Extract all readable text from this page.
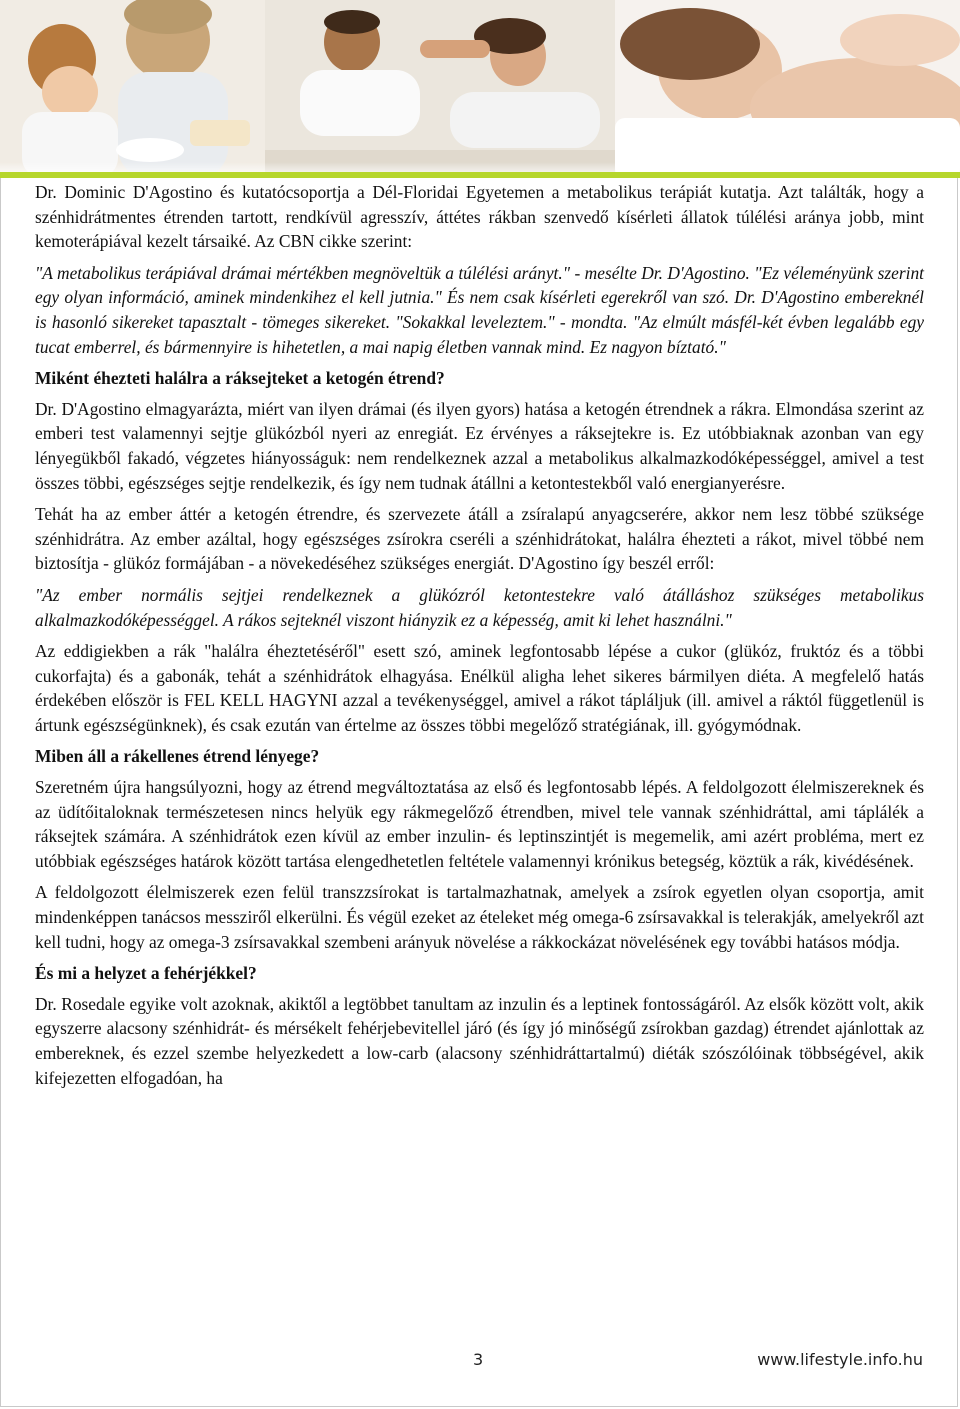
Dr. Dominic D'Agostino és kutatócsoportja a Dél-Floridai Egyetemen a metabolikus terápiát kutatja. Azt találták, hogy a szénhidrátmentes étrenden tartott, rendkívül agresszív, áttétes rákban szenvedő kísérleti állatok túlélési aránya jobb, mint kemoterápiával kezelt társaiké. Az CBN cikke szerint:

"A metabolikus terápiával drámai mértékben megnöveltük a túlélési arányt." - mesélte Dr. D'Agostino. "Ez véleményünk szerint egy olyan információ, aminek mindenkihez el kell jutnia." És nem csak kísérleti egerekről van szó. Dr. D'Agostino embereknél is hasonló sikereket tapasztalt - tömeges sikereket. "Sokakkal leveleztem." - mondta. "Az elmúlt másfél-két évben legalább egy tucat emberrel, és bármennyire is hihetetlen, a mai napig életben vannak mind. Ez nagyon bíztató."

Miként éhezteti halálra a ráksejteket a ketogén étrend?

Dr. D'Agostino elmagyarázta, miért van ilyen drámai (és ilyen gyors) hatása a ketogén étrendnek a rákra. Elmondása szerint az emberi test valamennyi sejtje glükózból nyeri az enregiát. Ez érvényes a ráksejtekre is. Ez utóbbiaknak azonban van egy lényegükből fakadó, végzetes hiányosságuk: nem rendelkeznek azzal a metabolikus alkalmazkodóképességgel, amivel a test összes többi, egészséges sejtje rendelkezik, és így nem tudnak átállni a ketontestekből való energianyerésre.

Tehát ha az ember áttér a ketogén étrendre, és szervezete átáll a zsíralapú anyagcserére, akkor nem lesz többé szüksége szénhidrátra. Az ember azáltal, hogy egészséges zsírokra cseréli a szénhidrátokat, halálra éhezteti a rákot, mivel többé nem biztosítja - glükóz formájában - a növekedéséhez szükséges energiát. D'Agostino így beszél erről:

"Az ember normális sejtjei rendelkeznek a glükózról ketontestekre való átálláshoz szükséges metabolikus alkalmazkodóképességgel. A rákos sejteknél viszont hiányzik ez a képesség, amit ki lehet használni."

Az eddigiekben a rák "halálra éheztetéséről" esett szó, aminek legfontosabb lépése a cukor (glükóz, fruktóz és a többi cukorfajta) és a gabonák, tehát a szénhidrátok elhagyása. Enélkül aligha lehet sikeres bármilyen diéta. A megfelelő hatás érdekében először is FEL KELL HAGYNI azzal a tevékenységgel, amivel a rákot tápláljuk (ill. amivel a ráktól függetlenül is ártunk egészségünknek), és csak ezután van értelme az összes többi megelőző stratégiának, ill. gyógymódnak.

Miben áll a rákellenes étrend lényege?

Szeretném újra hangsúlyozni, hogy az étrend megváltoztatása az első és legfontosabb lépés. A feldolgozott élelmiszereknek és az üdítőitaloknak természetesen nincs helyük egy rákmegelőző étrendben, mivel tele vannak szénhidráttal, ami táplálék a ráksejtek számára. A szénhidrátok ezen kívül az ember inzulin- és leptinszintjét is megemelik, ami azért probléma, mert ez utóbbiak egészséges határok között tartása elengedhetetlen feltétele valamennyi krónikus betegség, köztük a rák, kivédésének.

A feldolgozott élelmiszerek ezen felül transzzsírokat is tartalmazhatnak, amelyek a zsírok egyetlen olyan csoportja, amit mindenképpen tanácsos messziről elkerülni. És végül ezeket az ételeket még omega-6 zsírsavakkal is telerakják, amelyekről azt kell tudni, hogy az omega-3 zsírsavakkal szembeni arányuk növelése a rákkockázat növelésének egy további hatásos módja.

És mi a helyzet a fehérjékkel?

Dr. Rosedale egyike volt azoknak, akiktől a legtöbbet tanultam az inzulin és a leptinek fontosságáról. Az elsők között volt, akik egyszerre alacsony szénhidrát- és mérsékelt fehérjebevitellel járó (és így jó minőségű zsírokban gazdag) étrendet ajánlottak az embereknek, és ezzel szembe helyezkedett a low-carb (alacsony szénhidráttartalmú) diéták szószólóinak többségével, akik kifejezetten elfogadóan, ha

3	www.lifestyle.info.hu
